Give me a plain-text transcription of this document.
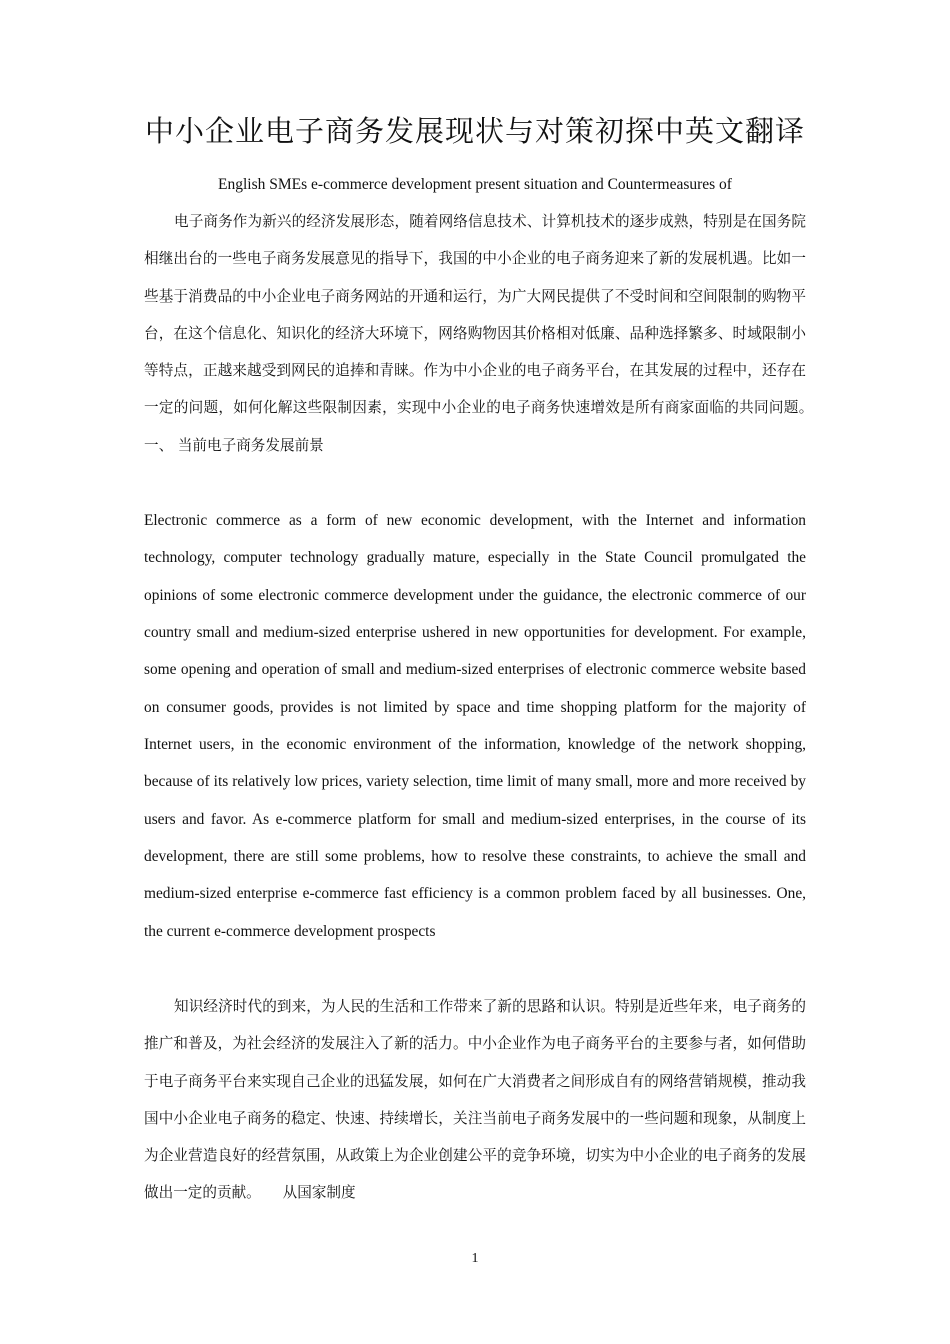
中小企业电子商务发展现状与对策初探中英文翻译
English SMEs e-commerce development present situation and Countermeasures of

电子商务作为新兴的经济发展形态，随着网络信息技术、计算机技术的逐步成熟，特别是在国务院相继出台的一些电子商务发展意见的指导下，我国的中小企业的电子商务迎来了新的发展机遇。比如一些基于消费品的中小企业电子商务网站的开通和运行，为广大网民提供了不受时间和空间限制的购物平台，在这个信息化、知识化的经济大环境下，网络购物因其价格相对低廉、品种选择繁多、时域限制小等特点，正越来越受到网民的追捧和青睐。作为中小企业的电子商务平台，在其发展的过程中，还存在一定的问题，如何化解这些限制因素，实现中小企业的电子商务快速增效是所有商家面临的共同问题。　　一、 当前电子商务发展前景

Electronic commerce as a form of new economic development, with the Internet and information technology, computer technology gradually mature, especially in the State Council promulgated the opinions of some electronic commerce development under the guidance, the electronic commerce of our country small and medium-sized enterprise ushered in new opportunities for development. For example, some opening and operation of small and medium-sized enterprises of electronic commerce website based on consumer goods, provides is not limited by space and time shopping platform for the majority of Internet users, in the economic environment of the information, knowledge of the network shopping, because of its relatively low prices, variety selection, time limit of many small, more and more received by users and favor. As e-commerce platform for small and medium-sized enterprises, in the course of its development, there are still some problems, how to resolve these constraints, to achieve the small and medium-sized enterprise e-commerce fast efficiency is a common problem faced by all businesses. One, the current e-commerce development prospects

知识经济时代的到来，为人民的生活和工作带来了新的思路和认识。特别是近些年来，电子商务的推广和普及，为社会经济的发展注入了新的活力。中小企业作为电子商务平台的主要参与者，如何借助于电子商务平台来实现自己企业的迅猛发展，如何在广大消费者之间形成自有的网络营销规模，推动我国中小企业电子商务的稳定、快速、持续增长，关注当前电子商务发展中的一些问题和现象，从制度上为企业营造良好的经营氛围，从政策上为企业创建公平的竞争环境，切实为中小企业的电子商务的发展做出一定的贡献。　　从国家制度

1
